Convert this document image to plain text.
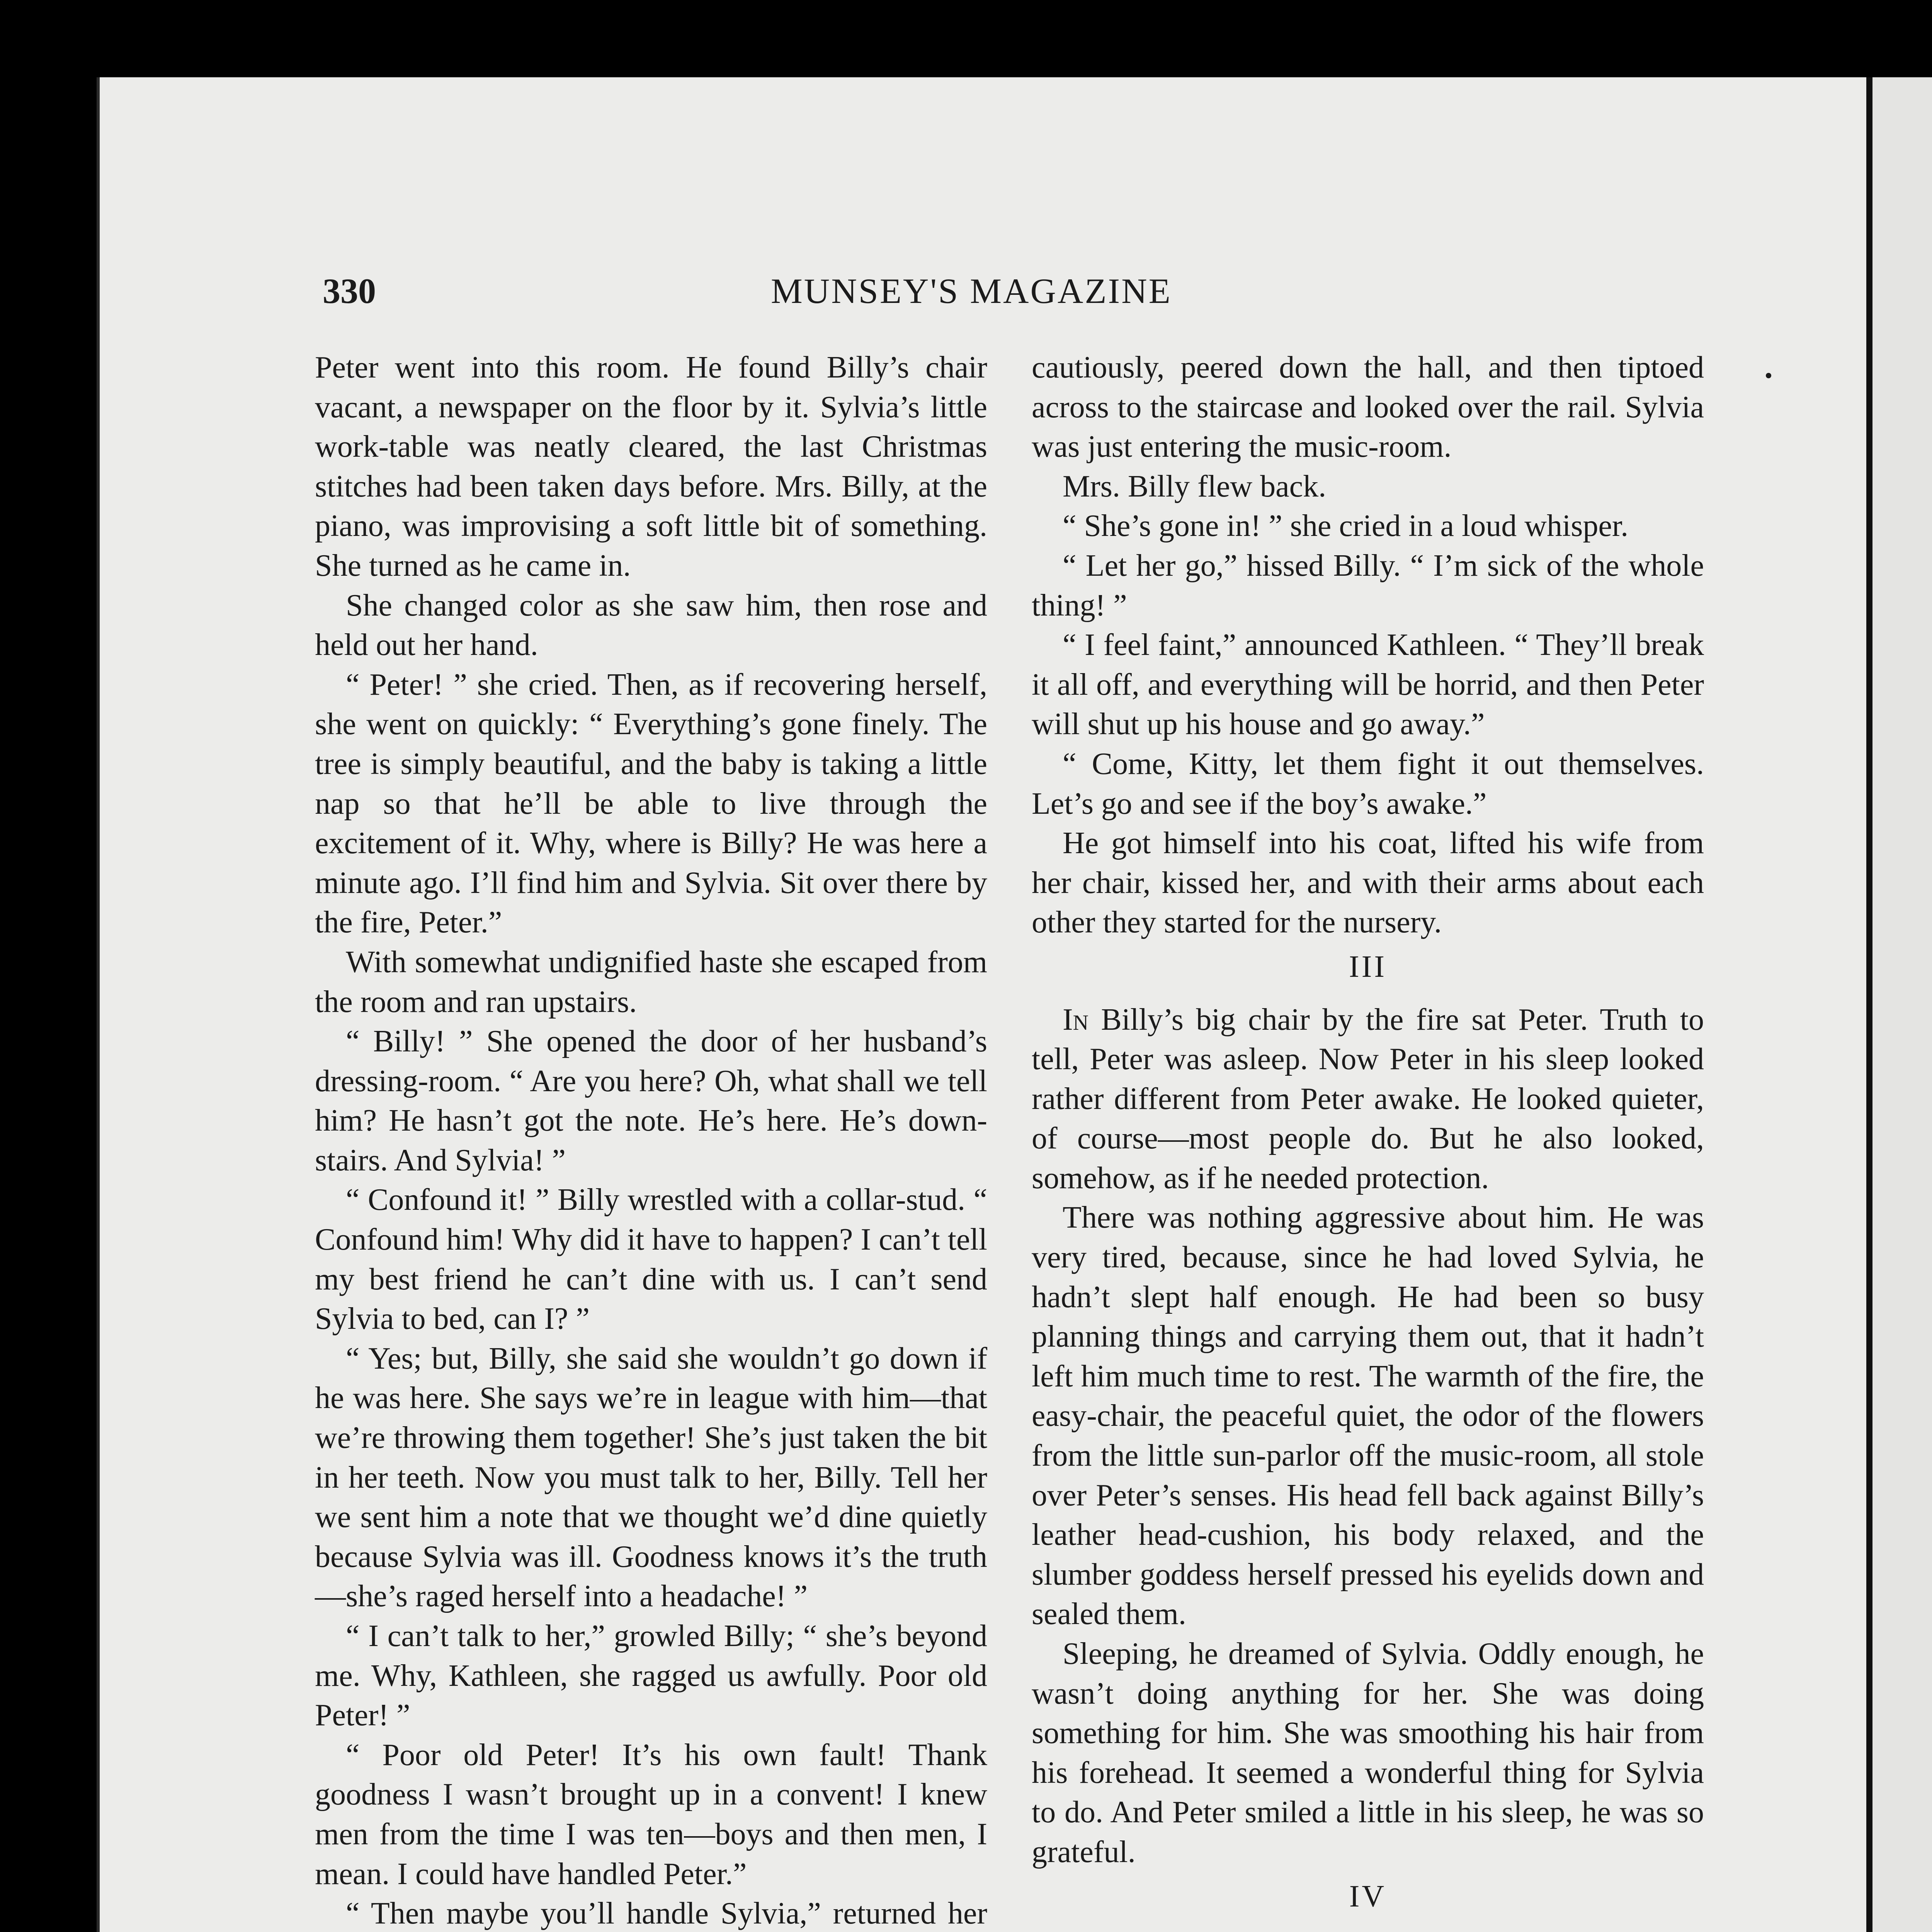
330	MUNSEY'S MAGAZINE

Peter went into this room. He found Billy’s chair vacant, a newspaper on the floor by it. Sylvia’s little work-table was neatly cleared, the last Christmas stitches had been taken days before. Mrs. Billy, at the piano, was improvising a soft little bit of something. She turned as he came in.

She changed color as she saw him, then rose and held out her hand.

“ Peter! ” she cried. Then, as if recovering herself, she went on quickly: “ Everything’s gone finely. The tree is simply beautiful, and the baby is taking a little nap so that he’ll be able to live through the excitement of it. Why, where is Billy? He was here a minute ago. I’ll find him and Sylvia. Sit over there by the fire, Peter.”

With somewhat undignified haste she escaped from the room and ran upstairs.

“ Billy! ” She opened the door of her husband’s dressing-room. “ Are you here? Oh, what shall we tell him? He hasn’t got the note. He’s here. He’s down-stairs. And Sylvia! ”

“ Confound it! ” Billy wrestled with a collar-stud. “ Confound him! Why did it have to happen? I can’t tell my best friend he can’t dine with us. I can’t send Sylvia to bed, can I? ”

“ Yes; but, Billy, she said she wouldn’t go down if he was here. She says we’re in league with him—that we’re throwing them together! She’s just taken the bit in her teeth. Now you must talk to her, Billy. Tell her we sent him a note that we thought we’d dine quietly because Sylvia was ill. Goodness knows it’s the truth—she’s raged herself into a headache! ”

“ I can’t talk to her,” growled Billy; “ she’s beyond me. Why, Kathleen, she ragged us awfully. Poor old Peter! ”

“ Poor old Peter! It’s his own fault! Thank goodness I wasn’t brought up in a convent! I knew men from the time I was ten—boys and then men, I mean. I could have handled Peter.”

“ Then maybe you’ll handle Sylvia,” returned her

cautiously, peered down the hall, and then tiptoed across to the staircase and looked over the rail. Sylvia was just entering the music-room.

Mrs. Billy flew back.

“ She’s gone in! ” she cried in a loud whisper.

“ Let her go,” hissed Billy. “ I’m sick of the whole thing! ”

“ I feel faint,” announced Kathleen. “ They’ll break it all off, and everything will be horrid, and then Peter will shut up his house and go away.”

“ Come, Kitty, let them fight it out themselves. Let’s go and see if the boy’s awake.”

He got himself into his coat, lifted his wife from her chair, kissed her, and with their arms about each other they started for the nursery.

III

In Billy’s big chair by the fire sat Peter. Truth to tell, Peter was asleep. Now Peter in his sleep looked rather different from Peter awake. He looked quieter, of course—most people do. But he also looked, somehow, as if he needed protection.

There was nothing aggressive about him. He was very tired, because, since he had loved Sylvia, he hadn’t slept half enough. He had been so busy planning things and carrying them out, that it hadn’t left him much time to rest. The warmth of the fire, the easy-chair, the peaceful quiet, the odor of the flowers from the little sun-parlor off the music-room, all stole over Peter’s senses. His head fell back against Billy’s leather head-cushion, his body relaxed, and the slumber goddess herself pressed his eyelids down and sealed them.

Sleeping, he dreamed of Sylvia. Oddly enough, he wasn’t doing anything for her. She was doing something for him. She was smoothing his hair from his forehead. It seemed a wonderful thing for Sylvia to do. And Peter smiled a little in his sleep, he was so grateful.

IV
